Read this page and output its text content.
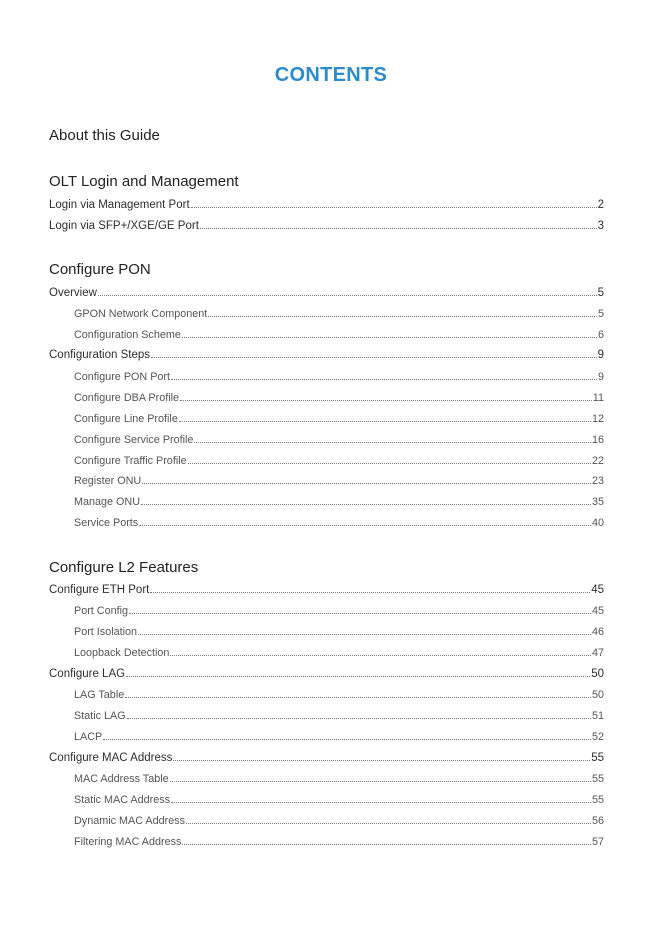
CONTENTS
About this Guide
OLT Login and Management
Login via Management Port	2
Login via SFP+/XGE/GE Port	3
Configure PON
Overview	5
GPON Network Component	5
Configuration Scheme	6
Configuration Steps	9
Configure PON Port	9
Configure DBA Profile	11
Configure Line Profile	12
Configure Service Profile	16
Configure Traffic Profile	22
Register ONU	23
Manage ONU	35
Service Ports	40
Configure L2 Features
Configure ETH Port	45
Port Config	45
Port Isolation	46
Loopback Detection	47
Configure LAG	50
LAG Table	50
Static LAG	51
LACP	52
Configure MAC Address	55
MAC Address Table	55
Static MAC Address	55
Dynamic MAC Address	56
Filtering MAC Address	57
